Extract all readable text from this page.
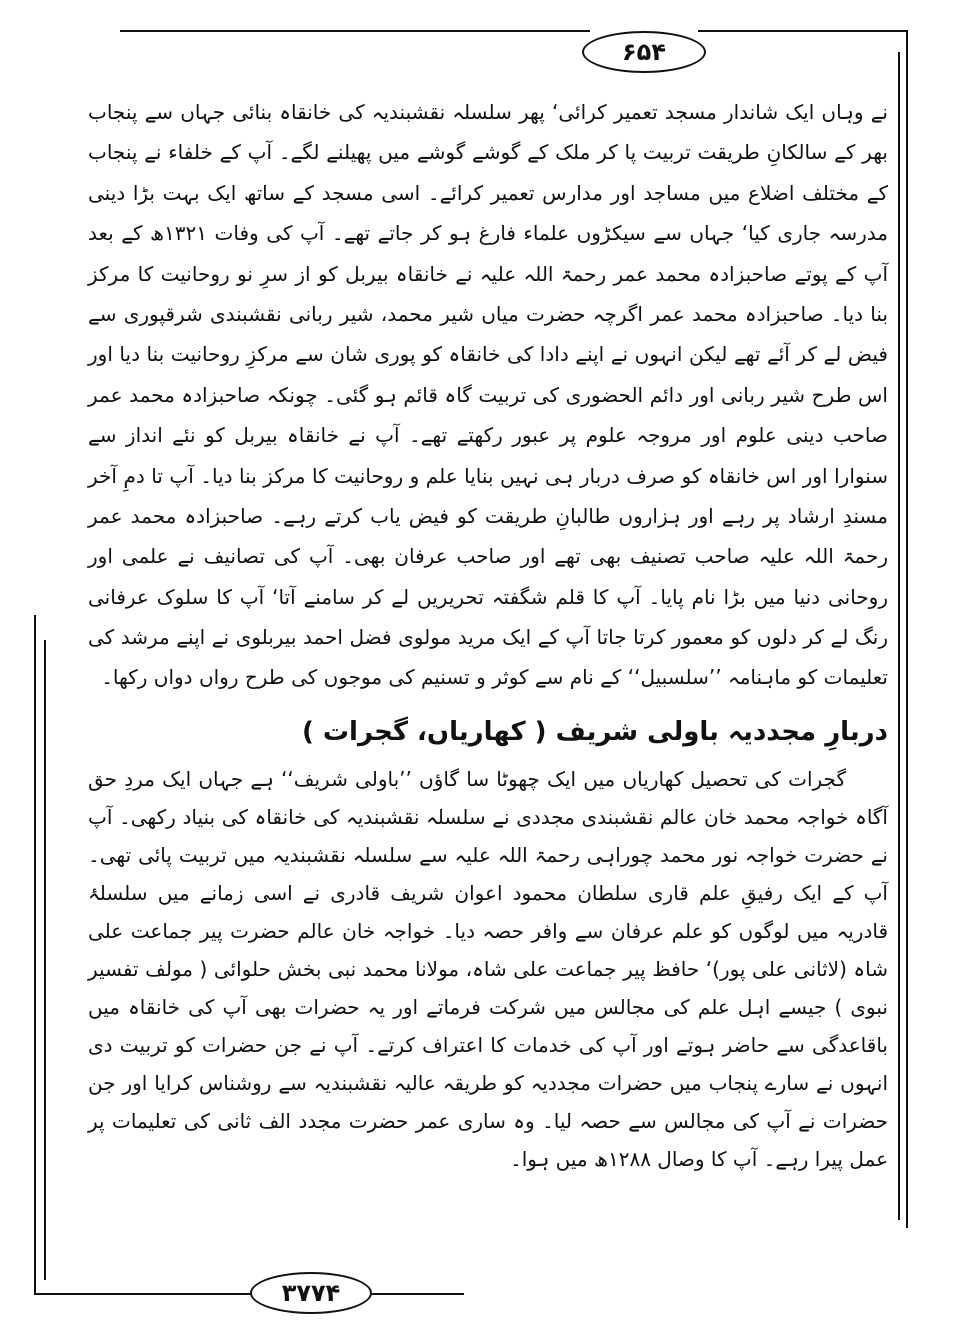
۶۵۴

نے وہاں ایک شاندار مسجد تعمیر کرائی‘ پھر سلسلہ نقشبندیہ کی خانقاہ بنائی جہاں سے پنجاب بھر کے سالکانِ طریقت تربیت پا کر ملک کے گوشے گوشے میں پھیلنے لگے۔ آپ کے خلفاء نے پنجاب کے مختلف اضلاع میں مساجد اور مدارس تعمیر کرائے۔ اسی مسجد کے ساتھ ایک بہت بڑا دینی مدرسہ جاری کیا‘ جہاں سے سیکڑوں علماء فارغ ہو کر جاتے تھے۔ آپ کی وفات ۱۳۲۱ھ کے بعد آپ کے پوتے صاحبزادہ محمد عمر رحمۃ اللہ علیہ نے خانقاہ بیربل کو از سرِ نو روحانیت کا مرکز بنا دیا۔ صاحبزادہ محمد عمر اگرچہ حضرت میاں شیر محمد، شیر ربانی نقشبندی شرقپوری سے فیض لے کر آئے تھے لیکن انہوں نے اپنے دادا کی خانقاہ کو پوری شان سے مرکزِ روحانیت بنا دیا اور اس طرح شیر ربانی اور دائم الحضوری کی تربیت گاہ قائم ہو گئی۔ چونکہ صاحبزادہ محمد عمر صاحب دینی علوم اور مروجہ علوم پر عبور رکھتے تھے۔ آپ نے خانقاہ بیربل کو نئے انداز سے سنوارا اور اس خانقاہ کو صرف دربار ہی نہیں بنایا علم و روحانیت کا مرکز بنا دیا۔ آپ تا دمِ آخر مسندِ ارشاد پر رہے اور ہزاروں طالبانِ طریقت کو فیض یاب کرتے رہے۔ صاحبزادہ محمد عمر رحمۃ اللہ علیہ صاحب تصنیف بھی تھے اور صاحب عرفان بھی۔ آپ کی تصانیف نے علمی اور روحانی دنیا میں بڑا نام پایا۔ آپ کا قلم شگفتہ تحریریں لے کر سامنے آتا‘ آپ کا سلوک عرفانی رنگ لے کر دلوں کو معمور کرتا جاتا آپ کے ایک مرید مولوی فضل احمد بیربلوی نے اپنے مرشد کی تعلیمات کو ماہنامہ ’’سلسبیل‘‘ کے نام سے کوثر و تسنیم کی موجوں کی طرح رواں دواں رکھا۔

دربارِ مجددیہ باولی شریف ( کھاریاں، گجرات )

گجرات کی تحصیل کھاریاں میں ایک چھوٹا سا گاؤں ’’باولی شریف‘‘ ہے جہاں ایک مردِ حق آگاہ خواجہ محمد خان عالم نقشبندی مجددی نے سلسلہ نقشبندیہ کی خانقاہ کی بنیاد رکھی۔ آپ نے حضرت خواجہ نور محمد چوراہی رحمۃ اللہ علیہ سے سلسلہ نقشبندیہ میں تربیت پائی تھی۔ آپ کے ایک رفیقِ علم قاری سلطان محمود اعوان شریف قادری نے اسی زمانے میں سلسلۂ قادریہ میں لوگوں کو علم عرفان سے وافر حصہ دیا۔ خواجہ خان عالم حضرت پیر جماعت علی شاہ (لاثانی علی پور)‘ حافظ پیر جماعت علی شاہ، مولانا محمد نبی بخش حلوائی ( مولف تفسیر نبوی ) جیسے اہل علم کی مجالس میں شرکت فرماتے اور یہ حضرات بھی آپ کی خانقاہ میں باقاعدگی سے حاضر ہوتے اور آپ کی خدمات کا اعتراف کرتے۔ آپ نے جن حضرات کو تربیت دی انہوں نے سارے پنجاب میں حضرات مجددیہ کو طریقہ عالیہ نقشبندیہ سے روشناس کرایا اور جن حضرات نے آپ کی مجالس سے حصہ لیا۔ وہ ساری عمر حضرت مجدد الف ثانی کی تعلیمات پر عمل پیرا رہے۔ آپ کا وصال ۱۲۸۸ھ میں ہوا۔

۳۷۷۴
